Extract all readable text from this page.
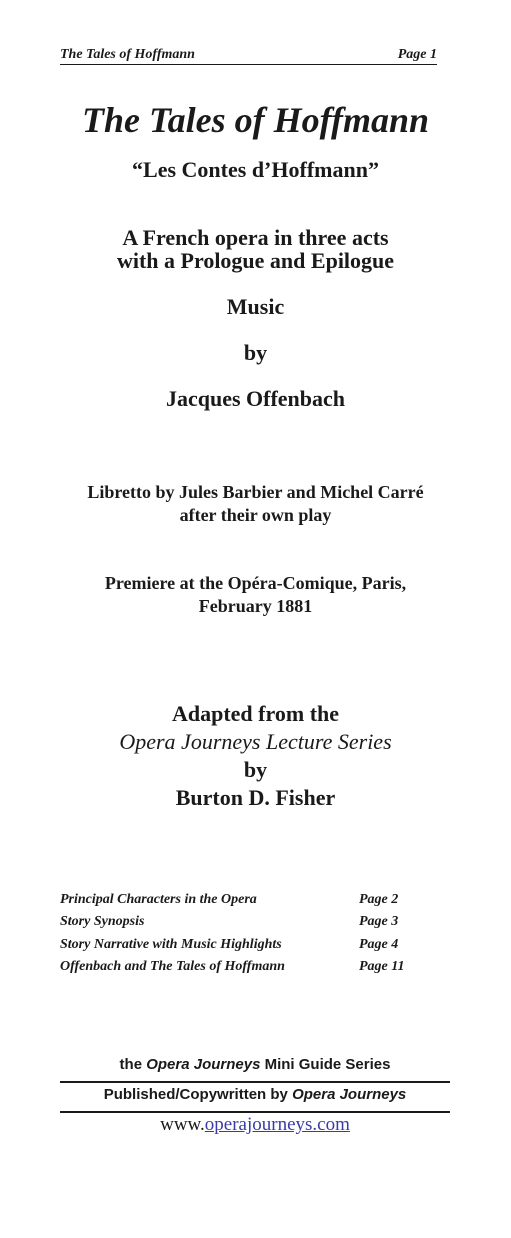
The Tales of Hoffmann	Page 1
The Tales of Hoffmann
“Les Contes d’Hoffmann”
A French opera in three acts
with a Prologue and Epilogue
Music
by
Jacques Offenbach
Libretto by Jules Barbier and Michel Carré
after their own play
Premiere at the Opéra-Comique, Paris,
February 1881
Adapted from the
Opera Journeys Lecture Series
by
Burton D. Fisher
Principal Characters in the Opera	Page 2
Story Synopsis	Page 3
Story Narrative with Music Highlights	Page 4
Offenbach and The Tales of Hoffmann	Page 11
the Opera Journeys Mini Guide Series
Published/Copywritten by Opera Journeys
www.operajourneys.com
